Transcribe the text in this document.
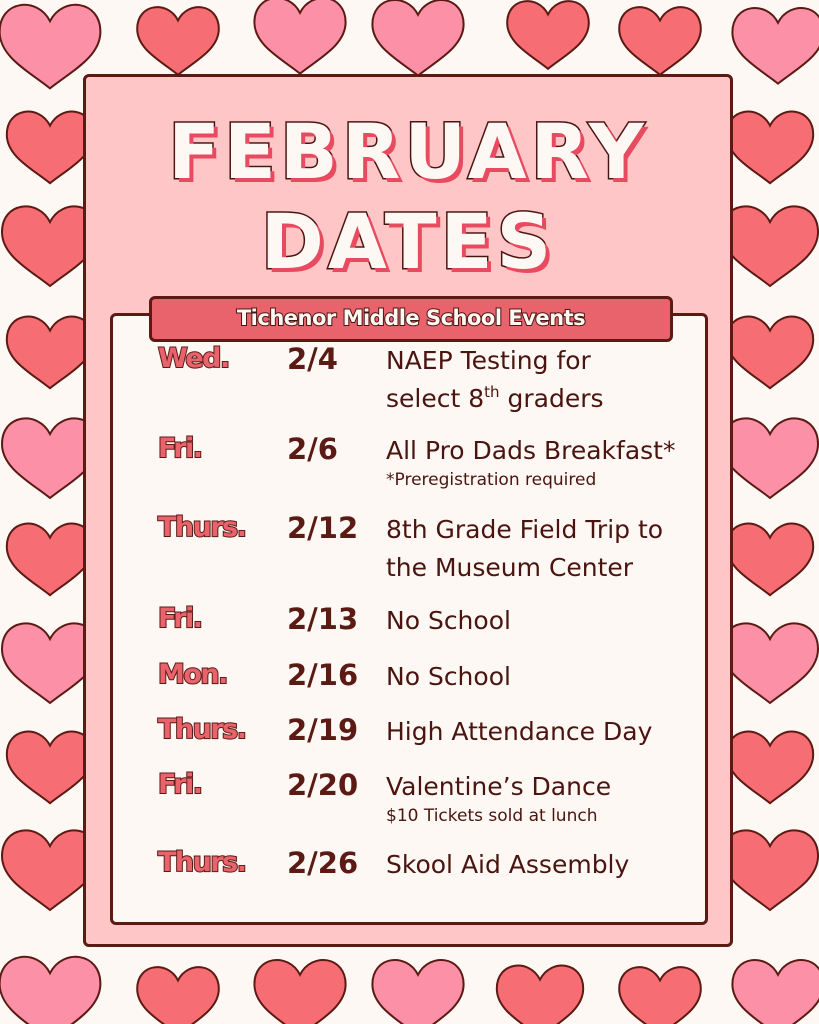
FEBRUARY
DATES
Wed. 2/4 NAEP Testing for
select 8th graders
Fri.	2/6 All Pro Dads Breakfast*
*Preregistration required
Thurs. 2/12 8th Grade Field Trip to
the Museum Center
Fri.	2/13 No School
Mon. 2/16 No School
Thurs. 2/19 High Attendance Day
Fri.	2/20 Valentine’s Dance
$10 Tickets sold at lunch
Thurs. 2/26 Skool Aid Assembly
Tichenor Middle School Events
